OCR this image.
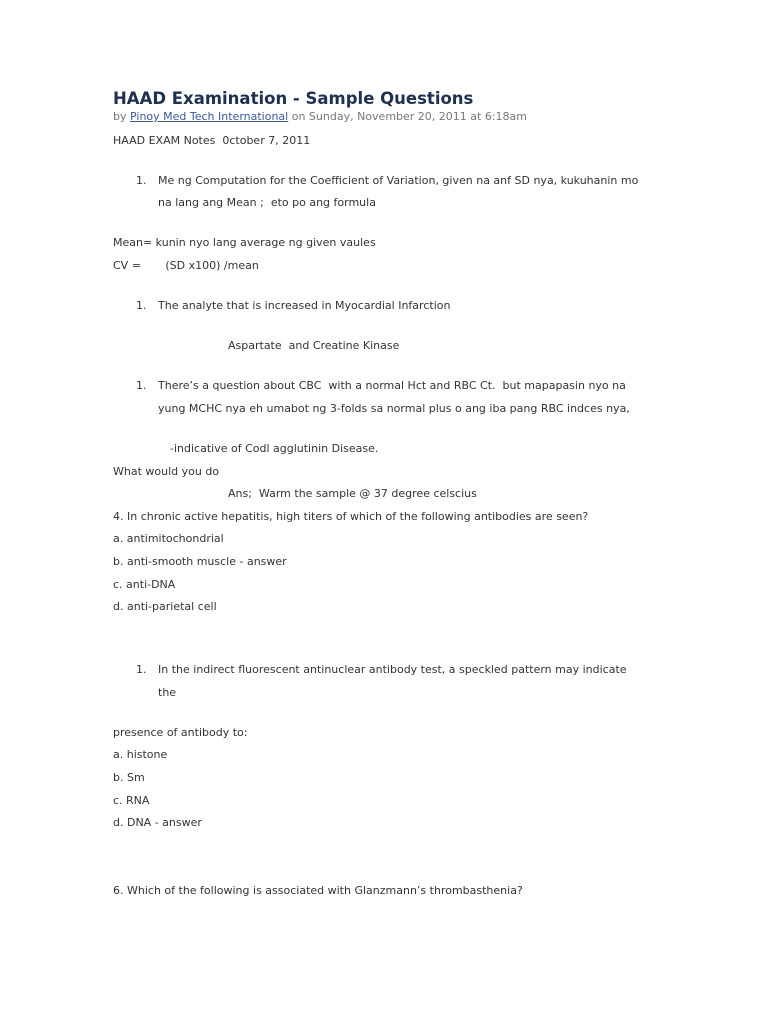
HAAD Examination - Sample Questions
by Pinoy Med Tech International on Sunday, November 20, 2011 at 6:18am
HAAD EXAM Notes  0ctober 7, 2011
1. Me ng Computation for the Coefficient of Variation, given na anf SD nya, kukuhanin mo
na lang ang Mean ;  eto po ang formula
Mean= kunin nyo lang average ng given vaules
CV =       (SD x100) /mean
1. The analyte that is increased in Myocardial Infarction
Aspartate  and Creatine Kinase
1. There’s a question about CBC  with a normal Hct and RBC Ct.  but mapapasin nyo na
yung MCHC nya eh umabot ng 3-folds sa normal plus o ang iba pang RBC indces nya,
-indicative of Codl agglutinin Disease.
What would you do
Ans;  Warm the sample @ 37 degree celscius
4. In chronic active hepatitis, high titers of which of the following antibodies are seen?
a. antimitochondrial
b. anti-smooth muscle - answer
c. anti-DNA
d. anti-parietal cell
1. In the indirect fluorescent antinuclear antibody test, a speckled pattern may indicate
the
presence of antibody to:
a. histone
b. Sm
c. RNA
d. DNA - answer
6. Which of the following is associated with Glanzmann’s thrombasthenia?
